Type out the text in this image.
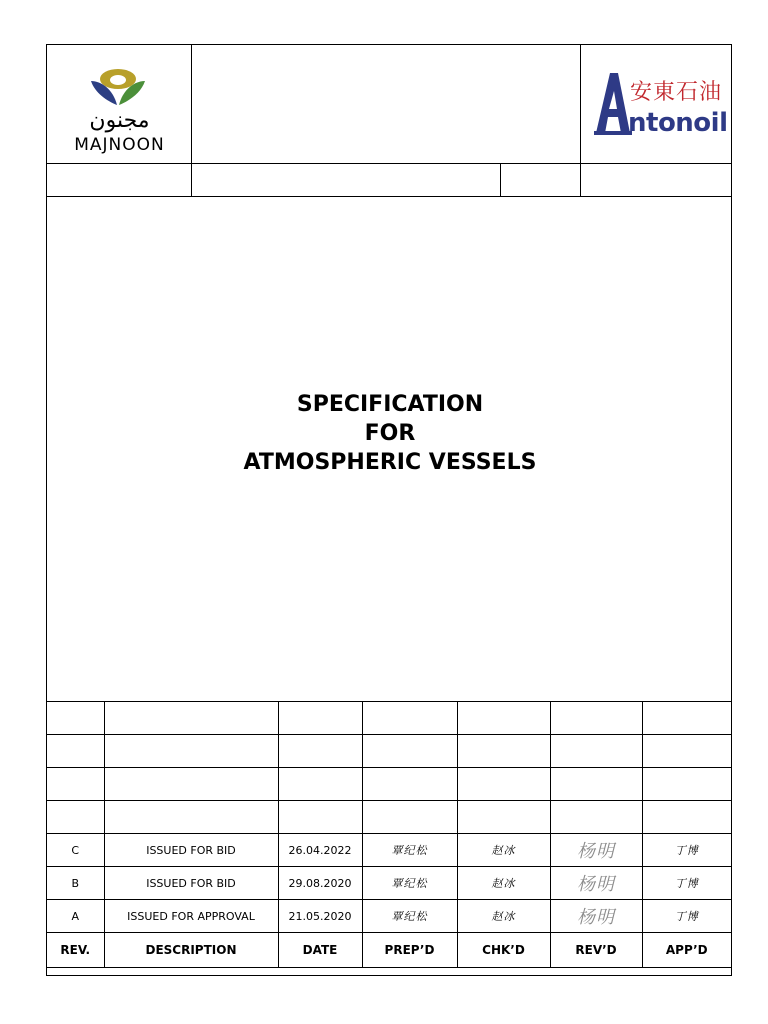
مجنون
MAJNOON
安東石油
ntonoil
SPECIFICATION
FOR
ATMOSPHERIC VESSELS

C	ISSUED FOR BID	26.04.2022	覃纪松	赵冰	杨明	丁博
B	ISSUED FOR BID	29.08.2020	覃纪松	赵冰	杨明	丁博
A	ISSUED FOR APPROVAL	21.05.2020	覃纪松	赵冰	杨明	丁博
REV.	DESCRIPTION	DATE	PREP’D	CHK’D	REV’D	APP’D
